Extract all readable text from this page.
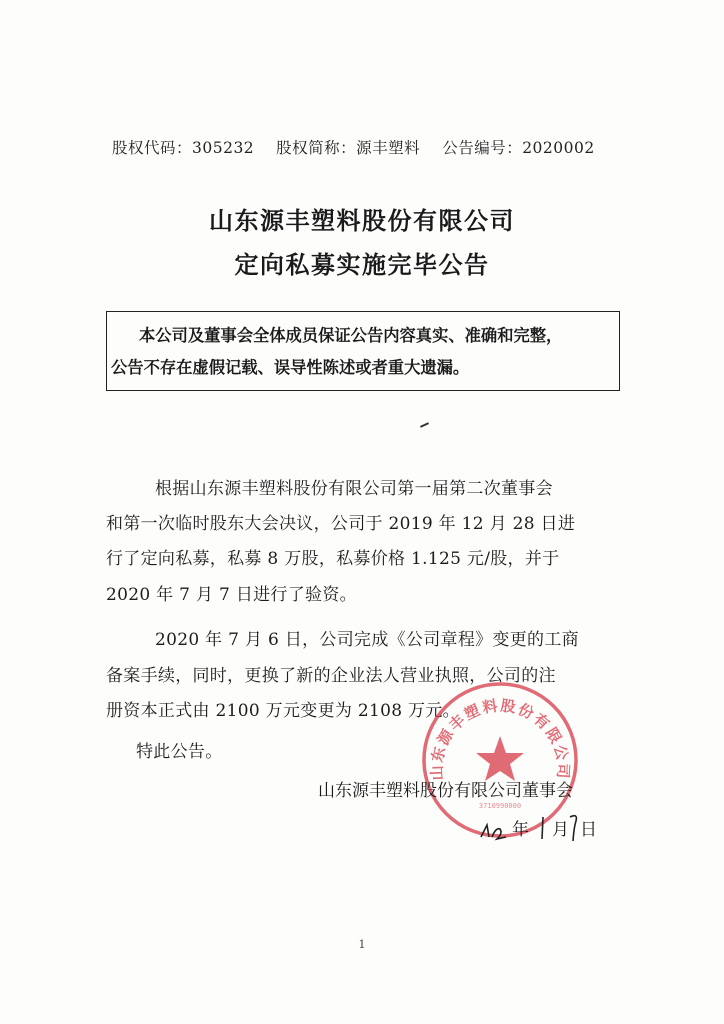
股权代码：305232 股权简称：源丰塑料 公告编号：2020002
山东源丰塑料股份有限公司
定向私募实施完毕公告
本公司及董事会全体成员保证公告内容真实、准确和完整，
公告不存在虚假记载、误导性陈述或者重大遗漏。
根据山东源丰塑料股份有限公司第一届第二次董事会
和第一次临时股东大会决议，公司于 2019 年 12 月 28 日进
行了定向私募，私募 8 万股，私募价格 1.125 元/股，并于
2020 年 7 月 7 日进行了验资。
2020 年 7 月 6 日，公司完成《公司章程》变更的工商
备案手续，同时，更换了新的企业法人营业执照，公司的注
册资本正式由 2100 万元变更为 2108 万元。
特此公告。
山东源丰塑料股份有限公司
3710990000
山东源丰塑料股份有限公司董事会
年 月 日
1
